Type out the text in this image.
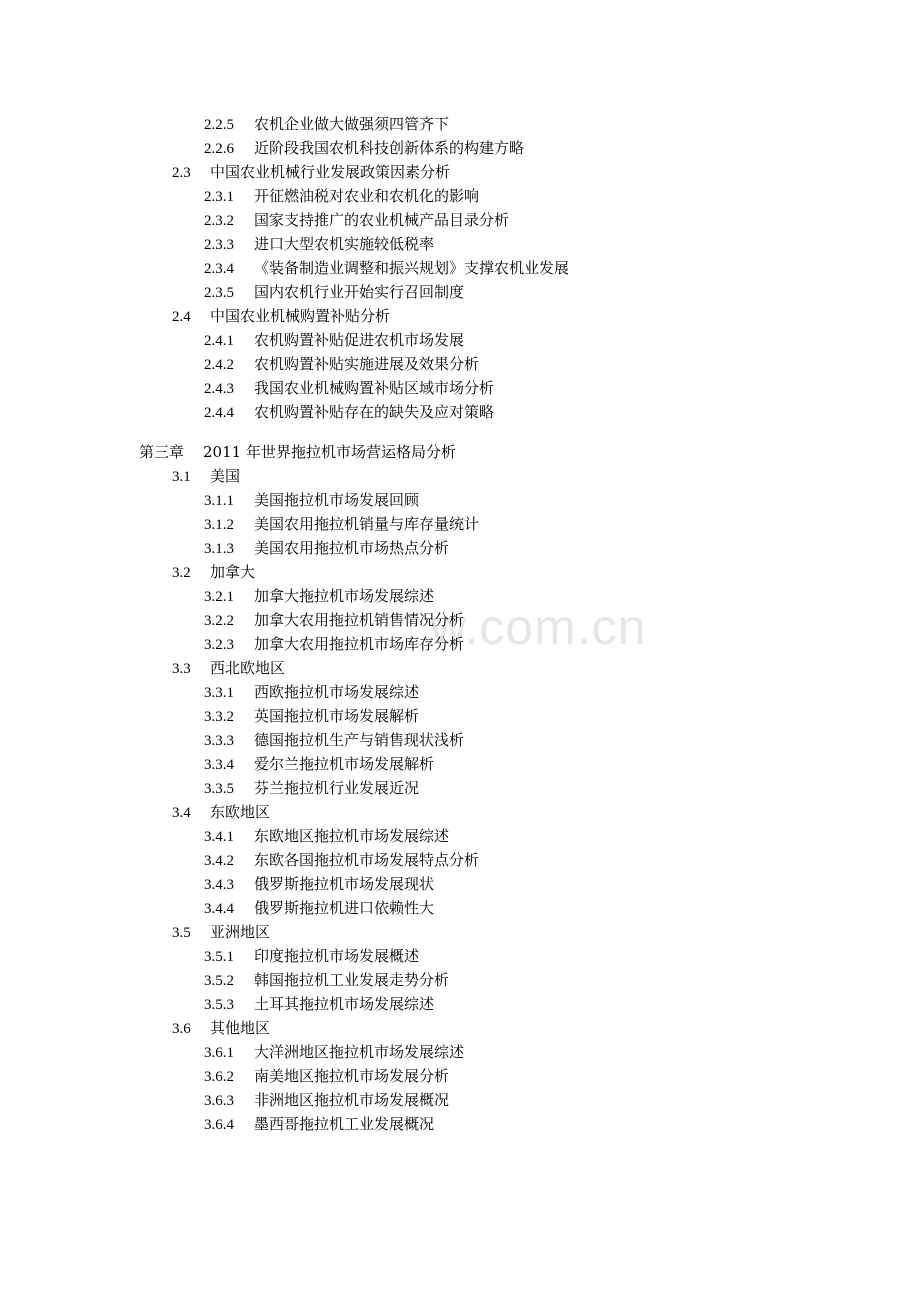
w.com.cn
2.2.5 农机企业做大做强须四管齐下
2.2.6 近阶段我国农机科技创新体系的构建方略
2.3 中国农业机械行业发展政策因素分析
2.3.1 开征燃油税对农业和农机化的影响
2.3.2 国家支持推广的农业机械产品目录分析
2.3.3 进口大型农机实施较低税率
2.3.4 《装备制造业调整和振兴规划》支撑农机业发展
2.3.5 国内农机行业开始实行召回制度
2.4 中国农业机械购置补贴分析
2.4.1 农机购置补贴促进农机市场发展
2.4.2 农机购置补贴实施进展及效果分析
2.4.3 我国农业机械购置补贴区域市场分析
2.4.4 农机购置补贴存在的缺失及应对策略
第三章 2011 年世界拖拉机市场营运格局分析
3.1 美国
3.1.1 美国拖拉机市场发展回顾
3.1.2 美国农用拖拉机销量与库存量统计
3.1.3 美国农用拖拉机市场热点分析
3.2 加拿大
3.2.1 加拿大拖拉机市场发展综述
3.2.2 加拿大农用拖拉机销售情况分析
3.2.3 加拿大农用拖拉机市场库存分析
3.3 西北欧地区
3.3.1 西欧拖拉机市场发展综述
3.3.2 英国拖拉机市场发展解析
3.3.3 德国拖拉机生产与销售现状浅析
3.3.4 爱尔兰拖拉机市场发展解析
3.3.5 芬兰拖拉机行业发展近况
3.4 东欧地区
3.4.1 东欧地区拖拉机市场发展综述
3.4.2 东欧各国拖拉机市场发展特点分析
3.4.3 俄罗斯拖拉机市场发展现状
3.4.4 俄罗斯拖拉机进口依赖性大
3.5 亚洲地区
3.5.1 印度拖拉机市场发展概述
3.5.2 韩国拖拉机工业发展走势分析
3.5.3 土耳其拖拉机市场发展综述
3.6 其他地区
3.6.1 大洋洲地区拖拉机市场发展综述
3.6.2 南美地区拖拉机市场发展分析
3.6.3 非洲地区拖拉机市场发展概况
3.6.4 墨西哥拖拉机工业发展概况
